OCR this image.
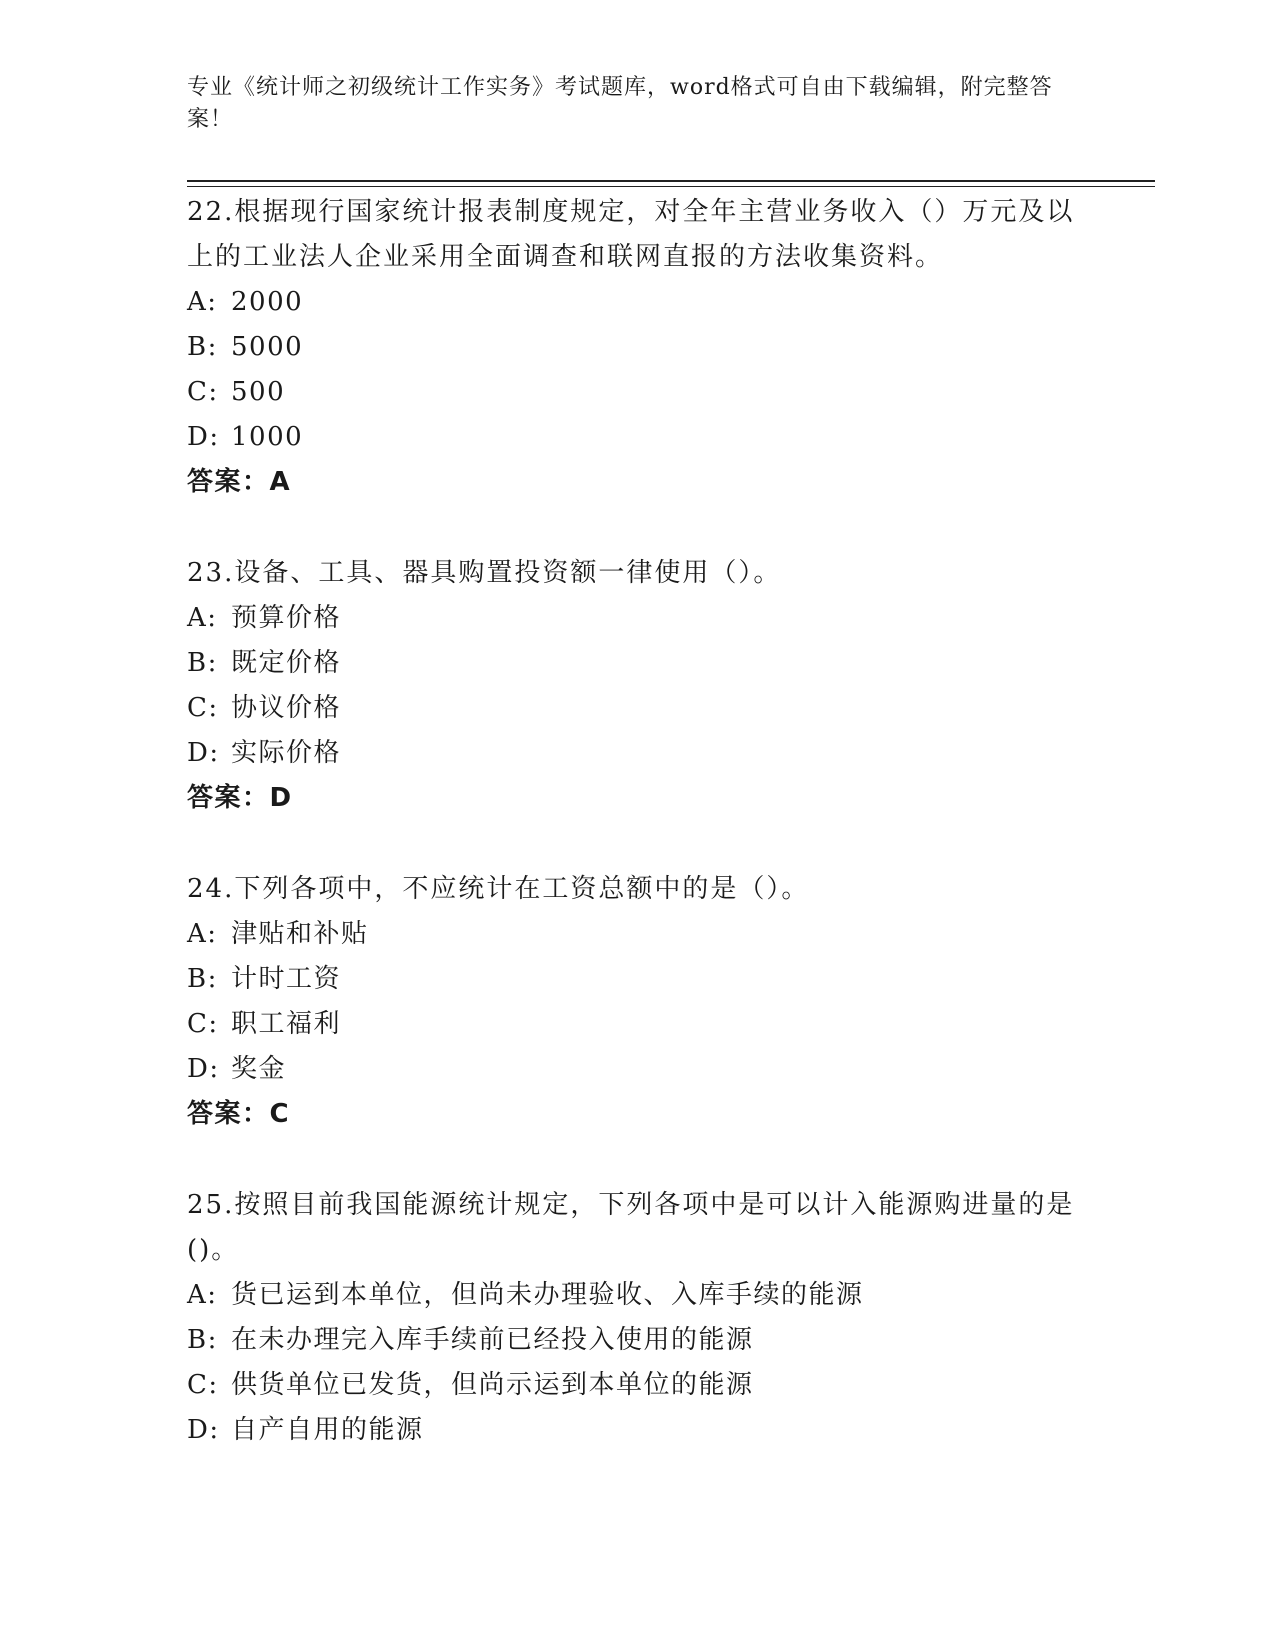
专业《统计师之初级统计工作实务》考试题库，word格式可自由下载编辑，附完整答案！
22.根据现行国家统计报表制度规定，对全年主营业务收入（）万元及以上的工业法人企业采用全面调查和联网直报的方法收集资料。
A: 2000
B: 5000
C: 500
D: 1000
答案：A
23.设备、工具、器具购置投资额一律使用（）。
A: 预算价格
B: 既定价格
C: 协议价格
D: 实际价格
答案：D
24.下列各项中，不应统计在工资总额中的是（）。
A: 津贴和补贴
B: 计时工资
C: 职工福利
D: 奖金
答案：C
25.按照目前我国能源统计规定，下列各项中是可以计入能源购进量的是()。
A: 货已运到本单位，但尚未办理验收、入库手续的能源
B: 在未办理完入库手续前已经投入使用的能源
C: 供货单位已发货，但尚示运到本单位的能源
D: 自产自用的能源
